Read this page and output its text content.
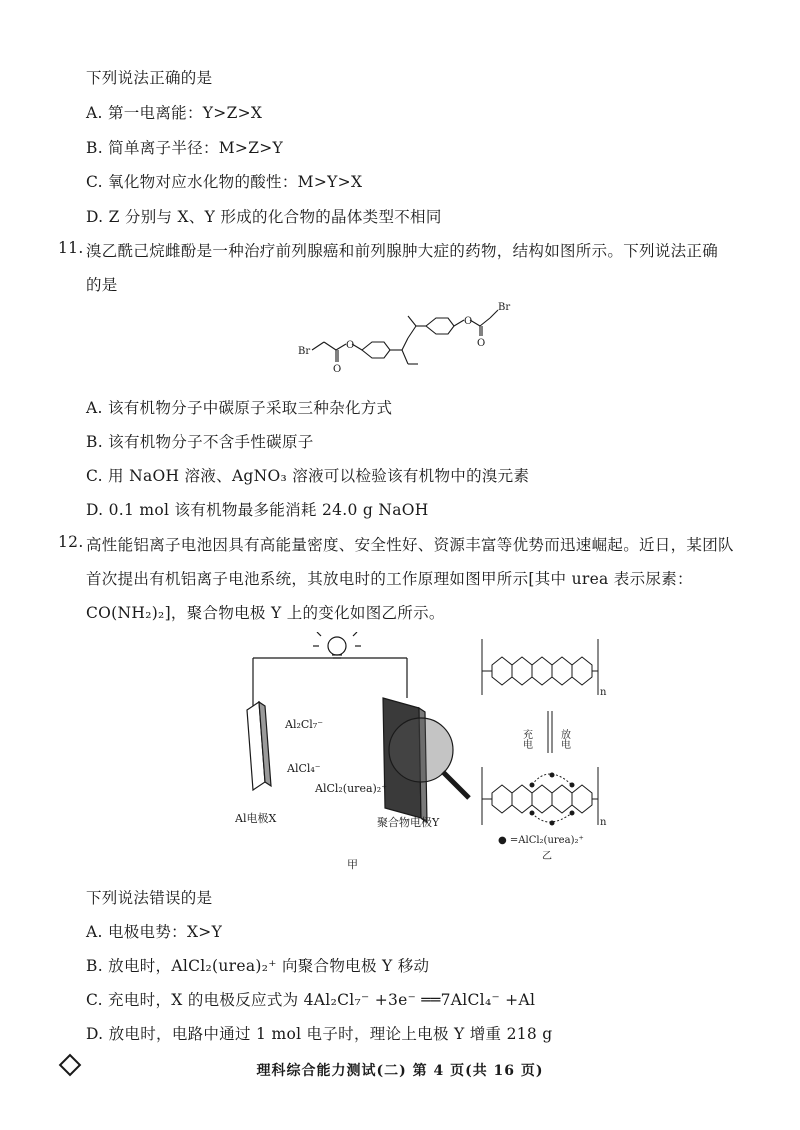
下列说法正确的是
A. 第一电离能：Y>Z>X
B. 简单离子半径：M>Z>Y
C. 氧化物对应水化物的酸性：M>Y>X
D. Z 分别与 X、Y 形成的化合物的晶体类型不相同
11. 溴乙酰己烷雌酚是一种治疗前列腺癌和前列腺肿大症的药物，结构如图所示。下列说法正确
的是
Br
O
O
O
O
Br
A. 该有机物分子中碳原子采取三种杂化方式
B. 该有机物分子不含手性碳原子
C. 用 NaOH 溶液、AgNO₃ 溶液可以检验该有机物中的溴元素
D. 0.1 mol 该有机物最多能消耗 24.0 g NaOH
12. 高性能铝离子电池因具有高能量密度、安全性好、资源丰富等优势而迅速崛起。近日，某团队
首次提出有机铝离子电池系统，其放电时的工作原理如图甲所示[其中 urea 表示尿素：
CO(NH₂)₂]，聚合物电极 Y 上的变化如图乙所示。
Al₂Cl₇⁻
AlCl₄⁻
AlCl₂(urea)₂⁺
Al电极X	聚合物电极Y
甲
n
n
充电	放电
● =AlCl₂(urea)₂⁺
乙
下列说法错误的是
A. 电极电势：X>Y
B. 放电时，AlCl₂(urea)₂⁺ 向聚合物电极 Y 移动
C. 充电时，X 的电极反应式为 4Al₂Cl₇⁻ +3e⁻ ══7AlCl₄⁻ +Al
D. 放电时，电路中通过 1 mol 电子时，理论上电极 Y 增重 218 g
理科综合能力测试(二) 第 4 页(共 16 页)
